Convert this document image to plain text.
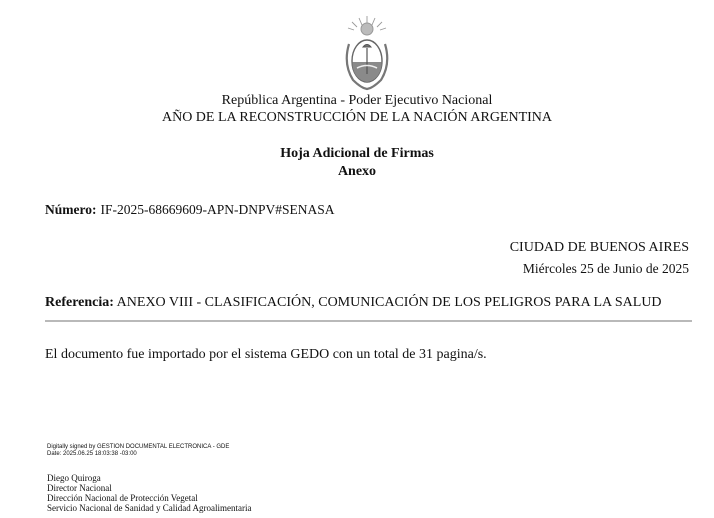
República Argentina - Poder Ejecutivo Nacional
AÑO DE LA RECONSTRUCCIÓN DE LA NACIÓN ARGENTINA
Hoja Adicional de Firmas
Anexo
Número: IF-2025-68669609-APN-DNPV#SENASA
CIUDAD DE BUENOS AIRES
Miércoles 25 de Junio de 2025
Referencia: ANEXO VIII - CLASIFICACIÓN, COMUNICACIÓN DE LOS PELIGROS PARA LA SALUD
El documento fue importado por el sistema GEDO con un total de 31 pagina/s.
Digitally signed by GESTION DOCUMENTAL ELECTRONICA - GDE
Date: 2025.06.25 18:03:38 -03:00
Diego Quiroga
Director Nacional
Dirección Nacional de Protección Vegetal
Servicio Nacional de Sanidad y Calidad Agroalimentaria
